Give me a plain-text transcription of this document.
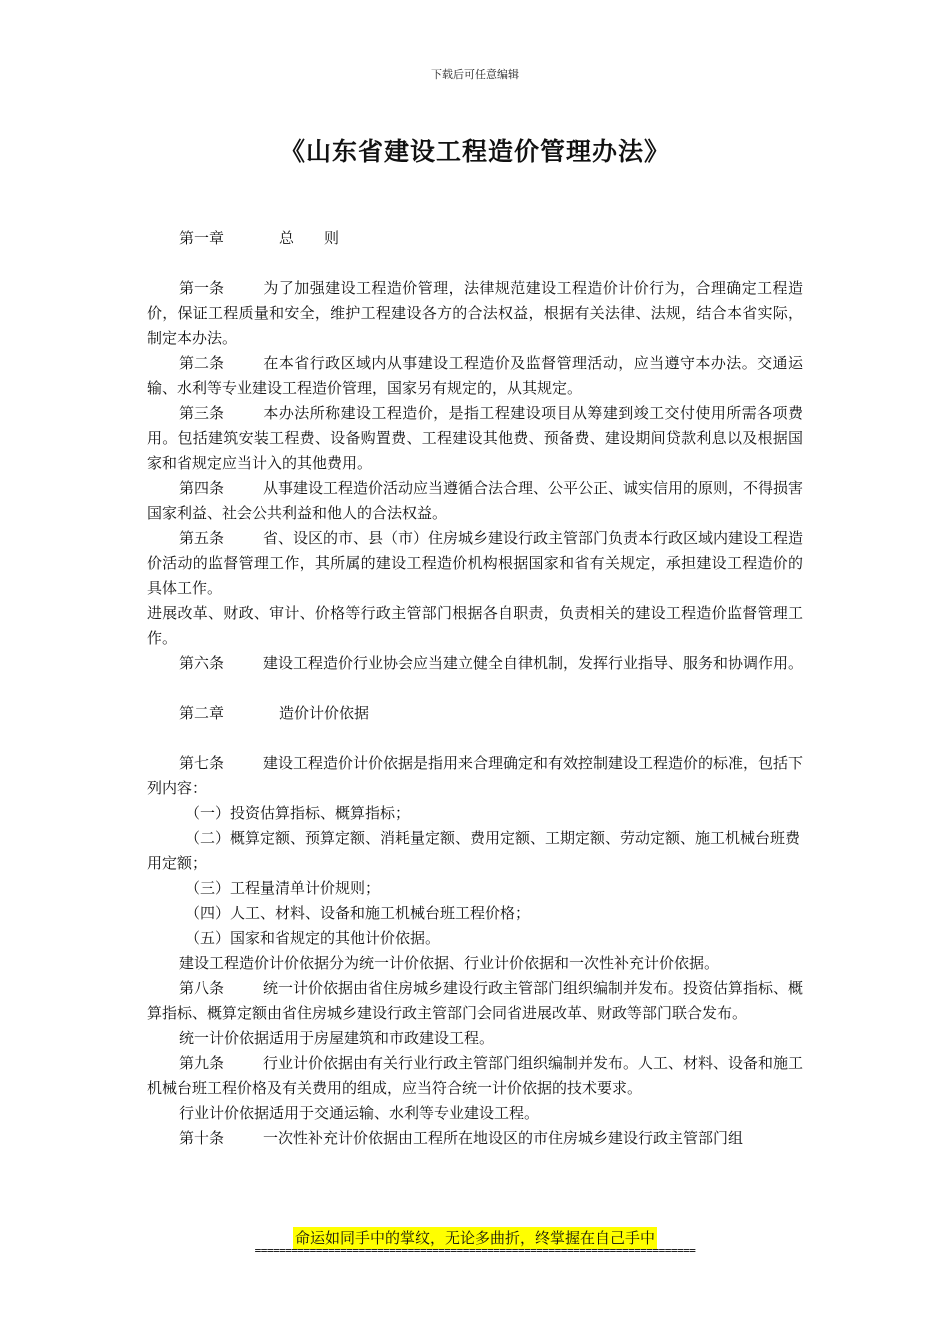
下载后可任意编辑
《山东省建设工程造价管理办法》

第一章	总　　则

第一条	为了加强建设工程造价管理，法律规范建设工程造价计价行为，合理确定工程造价，保证工程质量和安全，维护工程建设各方的合法权益，根据有关法律、法规，结合本省实际，制定本办法。

第二条	在本省行政区域内从事建设工程造价及监督管理活动，应当遵守本办法。交通运输、水利等专业建设工程造价管理，国家另有规定的，从其规定。

第三条	本办法所称建设工程造价，是指工程建设项目从筹建到竣工交付使用所需各项费用。包括建筑安装工程费、设备购置费、工程建设其他费、预备费、建设期间贷款利息以及根据国家和省规定应当计入的其他费用。

第四条	从事建设工程造价活动应当遵循合法合理、公平公正、诚实信用的原则，不得损害国家利益、社会公共利益和他人的合法权益。

第五条	省、设区的市、县（市）住房城乡建设行政主管部门负责本行政区域内建设工程造价活动的监督管理工作，其所属的建设工程造价机构根据国家和省有关规定，承担建设工程造价的具体工作。

进展改革、财政、审计、价格等行政主管部门根据各自职责，负责相关的建设工程造价监督管理工作。

第六条	建设工程造价行业协会应当建立健全自律机制，发挥行业指导、服务和协调作用。

第二章	造价计价依据

第七条	建设工程造价计价依据是指用来合理确定和有效控制建设工程造价的标准，包括下列内容：

（一）投资估算指标、概算指标；

（二）概算定额、预算定额、消耗量定额、费用定额、工期定额、劳动定额、施工机械台班费用定额；

（三）工程量清单计价规则；

（四）人工、材料、设备和施工机械台班工程价格；

（五）国家和省规定的其他计价依据。

建设工程造价计价依据分为统一计价依据、行业计价依据和一次性补充计价依据。

第八条	统一计价依据由省住房城乡建设行政主管部门组织编制并发布。投资估算指标、概算指标、概算定额由省住房城乡建设行政主管部门会同省进展改革、财政等部门联合发布。

统一计价依据适用于房屋建筑和市政建设工程。

第九条	行业计价依据由有关行业行政主管部门组织编制并发布。人工、材料、设备和施工机械台班工程价格及有关费用的组成，应当符合统一计价依据的技术要求。

行业计价依据适用于交通运输、水利等专业建设工程。

第十条	一次性补充计价依据由工程所在地设区的市住房城乡建设行政主管部门组

命运如同手中的掌纹，无论多曲折，终掌握在自己手中
========================================================================
